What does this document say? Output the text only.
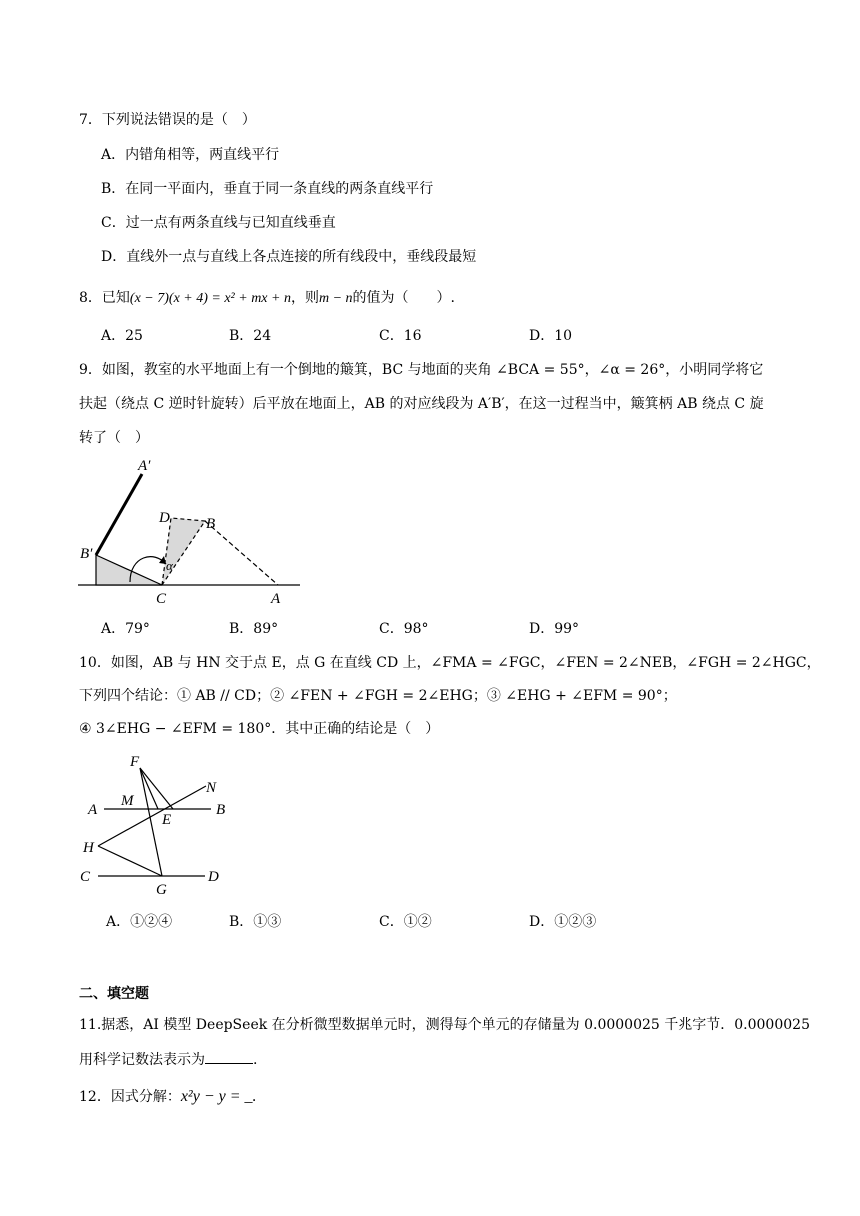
7．下列说法错误的是（　）
A．内错角相等，两直线平行
B．在同一平面内，垂直于同一条直线的两条直线平行
C．过一点有两条直线与已知直线垂直
D．直线外一点与直线上各点连接的所有线段中，垂线段最短
8．已知(x − 7)(x + 4) = x² + mx + n，则m − n的值为（　　）.
A．25	B．24	C．16	D．10
9．如图，教室的水平地面上有一个倒地的簸箕，BC 与地面的夹角 ∠BCA = 55°，∠α = 26°，小明同学将它
扶起（绕点 C 逆时针旋转）后平放在地面上，AB 的对应线段为 A′B′，在这一过程当中，簸箕柄 AB 绕点 C 旋
转了（　）
A′
B′
D B
α
C	A
A．79°	B．89°	C．98°	D．99°
10．如图，AB 与 HN 交于点 E，点 G 在直线 CD 上，∠FMA = ∠FGC，∠FEN = 2∠NEB，∠FGH = 2∠HGC，
下列四个结论：① AB // CD；② ∠FEN + ∠FGH = 2∠EHG；③ ∠EHG + ∠EFM = 90°；
④ 3∠EHG − ∠EFM = 180°．其中正确的结论是（　）
F
N
A
M
E
B
H
C
G
D
A．①②④	B．①③	C．①②	D．①②③
二、填空题
11.据悉，AI 模型 DeepSeek 在分析微型数据单元时，测得每个单元的存储量为 0.0000025 千兆字节．0.0000025
用科学记数法表示为	.
12．因式分解：x²y − y = _.
